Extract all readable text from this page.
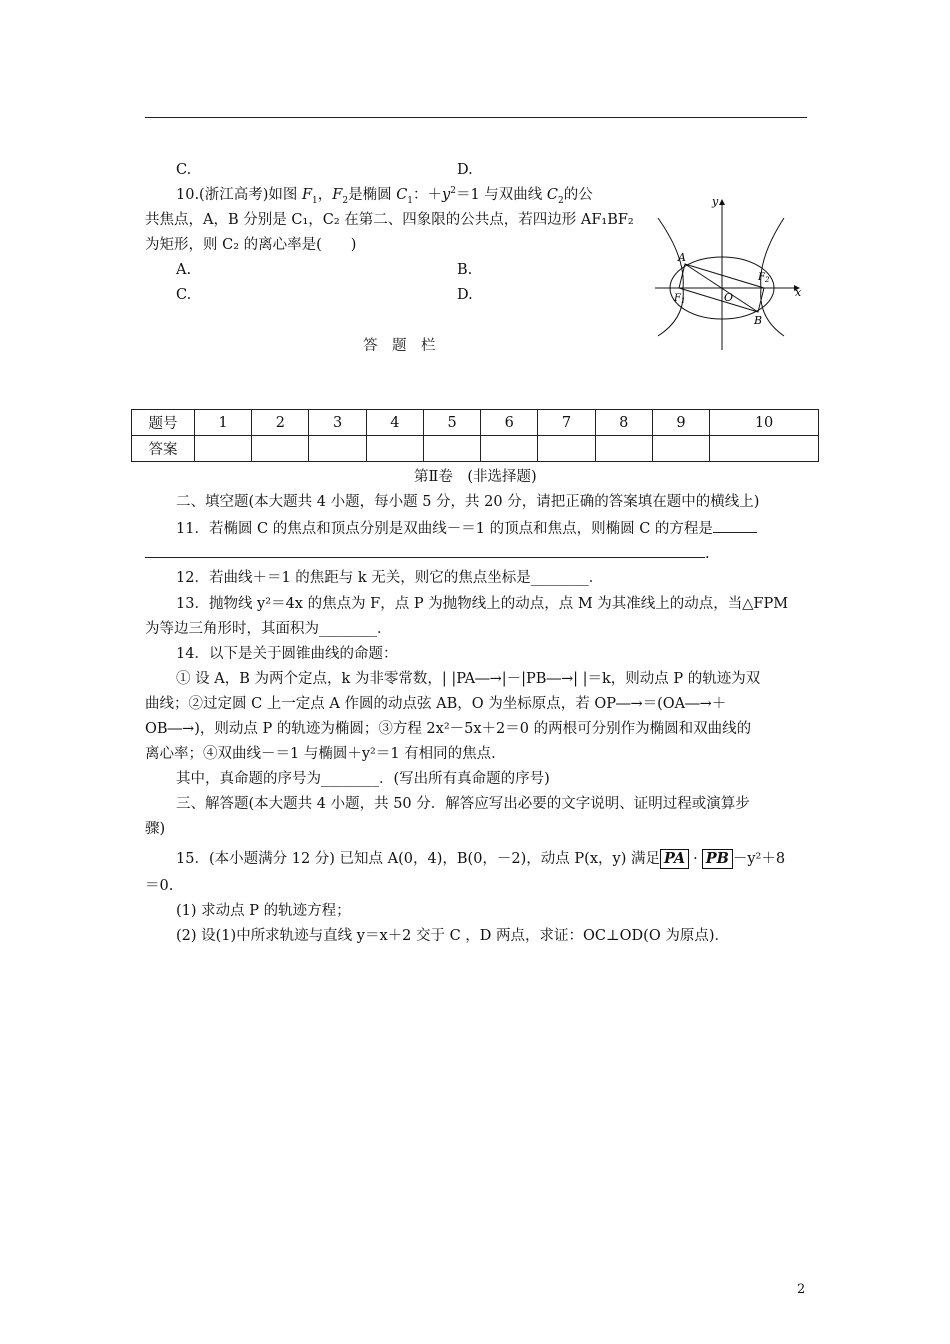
C.	D.
10.(浙江高考)如图 $F_1$，$F_2$是椭圆 $C_1$：$+y^2=1$ 与双曲线 $C_2$的公
共焦点，A，B 分别是 C₁，C₂ 在第二、四象限的公共点，若四边形 AF₁BF₂
为矩形，则 C₂ 的离心率是(　　)
A.	B.
C.	D.
y
x
A
B
O
$F_1$
$F_2$
答　题　栏
题号	1	2	3	4	5	6	7	8	9	10
答案										
第Ⅱ卷　(非选择题)
二、填空题(本大题共 4 小题，每小题 5 分，共 20 分，请把正确的答案填在题中的横线上)
11．若椭圆 C 的焦点和顶点分别是双曲线－＝1 的顶点和焦点，则椭圆 C 的方程是
.
12．若曲线＋＝1 的焦距与 k 无关，则它的焦点坐标是________．
13．抛物线 y²＝4x 的焦点为 F，点 P 为抛物线上的动点，点 M 为其准线上的动点，当△FPM
为等边三角形时，其面积为________．
14．以下是关于圆锥曲线的命题：
① 设 A，B 为两个定点，k 为非零常数，| |PA―→|－|PB―→| |＝k，则动点 P 的轨迹为双
曲线；②过定圆 C 上一定点 A 作圆的动点弦 AB，O 为坐标原点，若 OP―→＝(OA―→＋
OB―→)，则动点 P 的轨迹为椭圆；③方程 2x²－5x＋2＝0 的两根可分别作为椭圆和双曲线的
离心率；④双曲线－＝1 与椭圆＋y²＝1 有相同的焦点.
其中，真命题的序号为________．(写出所有真命题的序号)
三、解答题(本大题共 4 小题，共 50 分．解答应写出必要的文字说明、证明过程或演算步
骤)
15．(本小题满分 12 分) 已知点 A(0，4)，B(0，－2)，动点 P(x，y) 满足 PA · PB －y²＋8
＝0.
(1) 求动点 P 的轨迹方程；
(2) 设(1)中所求轨迹与直线 y＝x＋2 交于 C ，D 两点，求证：OC⊥OD(O 为原点)．
2
